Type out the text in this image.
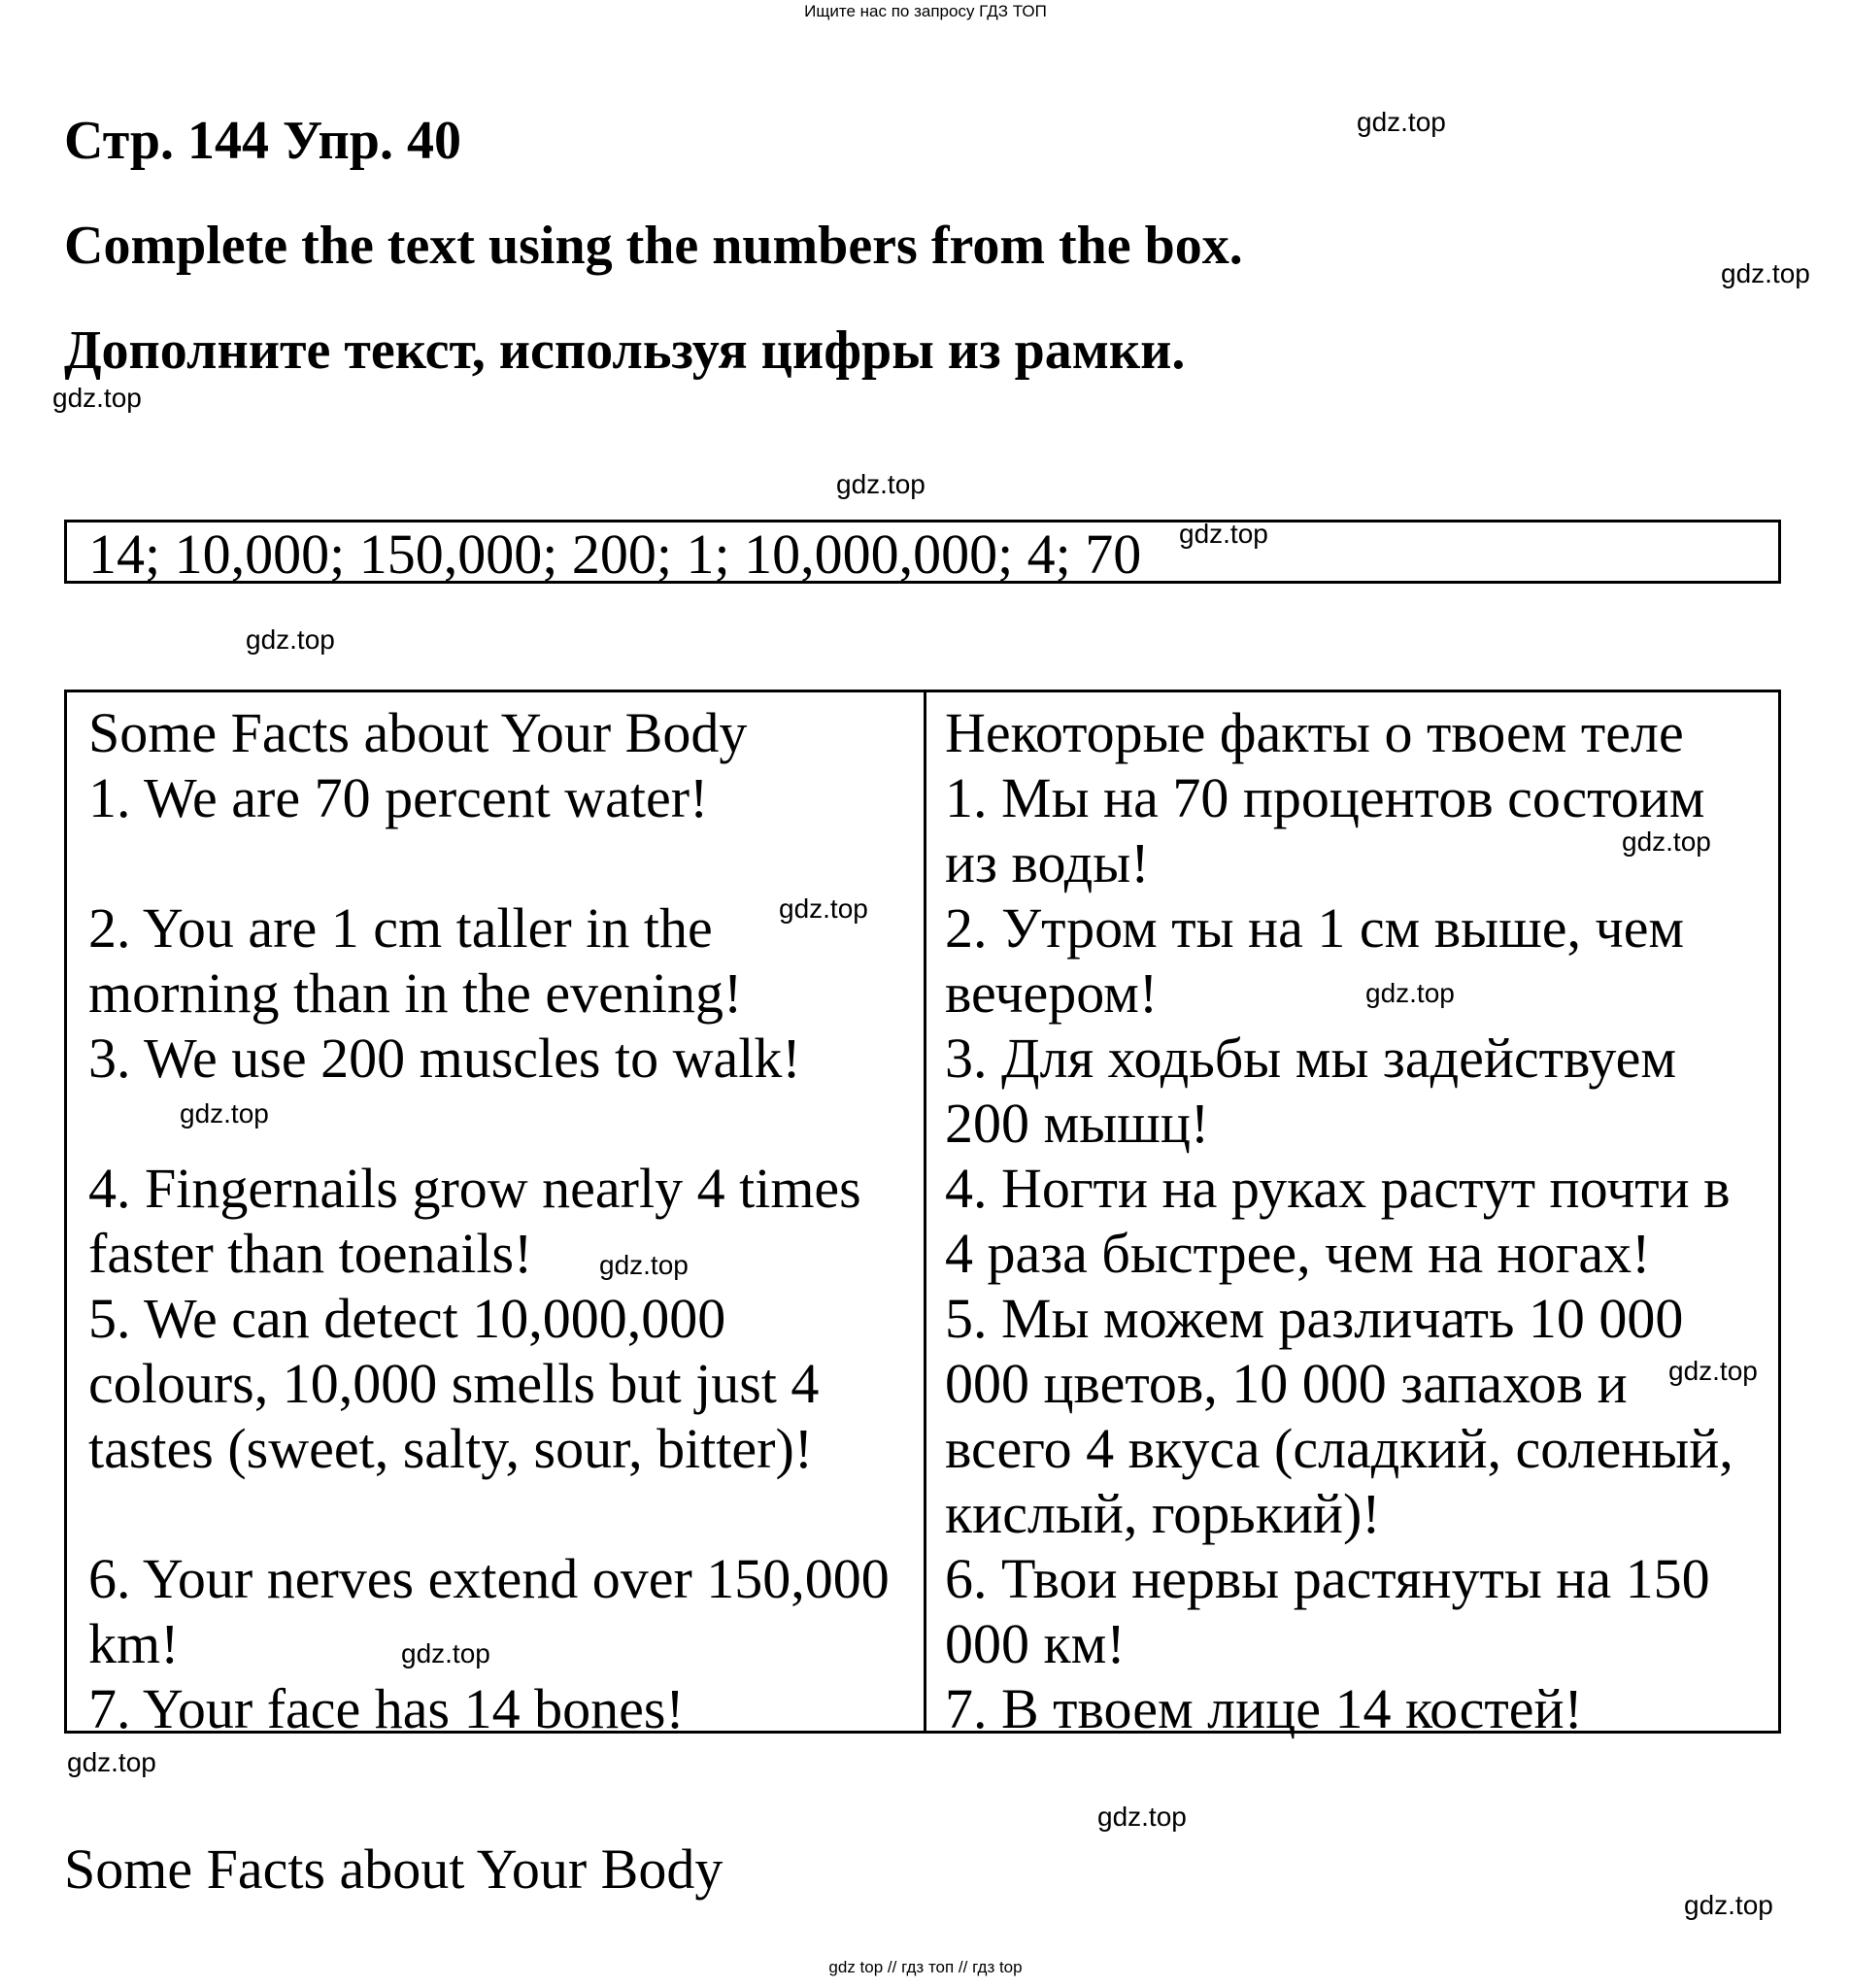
Ищите нас по запросу ГДЗ ТОП
Стр. 144 Упр. 40
Complete the text using the numbers from the box.
Дополните текст, используя цифры из рамки.
14; 10,000; 150,000; 200; 1; 10,000,000; 4; 70
Some Facts about Your Body
1. We are 70 percent water!
2. You are 1 cm taller in the
morning than in the evening!
3. We use 200 muscles to walk!
4. Fingernails grow nearly 4 times
faster than toenails!
5. We can detect 10,000,000
colours, 10,000 smells but just 4
tastes (sweet, salty, sour, bitter)!
6. Your nerves extend over 150,000
km!
7. Your face has 14 bones!
Некоторые факты о твоем теле
1. Мы на 70 процентов состоим
из воды!
2. Утром ты на 1 см выше, чем
вечером!
3. Для ходьбы мы задействуем
200 мышц!
4. Ногти на руках растут почти в
4 раза быстрее, чем на ногах!
5. Мы можем различать 10 000
000 цветов, 10 000 запахов и
всего 4 вкуса (сладкий, соленый,
кислый, горький)!
6. Твои нервы растянуты на 150
000 км!
7. В твоем лице 14 костей!
Some Facts about Your Body
gdz.top
gdz.top
gdz.top
gdz.top
gdz.top
gdz.top
gdz.top
gdz.top
gdz.top
gdz.top
gdz.top
gdz.top
gdz.top
gdz.top
gdz.top
gdz.top
gdz top // гдз топ // гдз top
